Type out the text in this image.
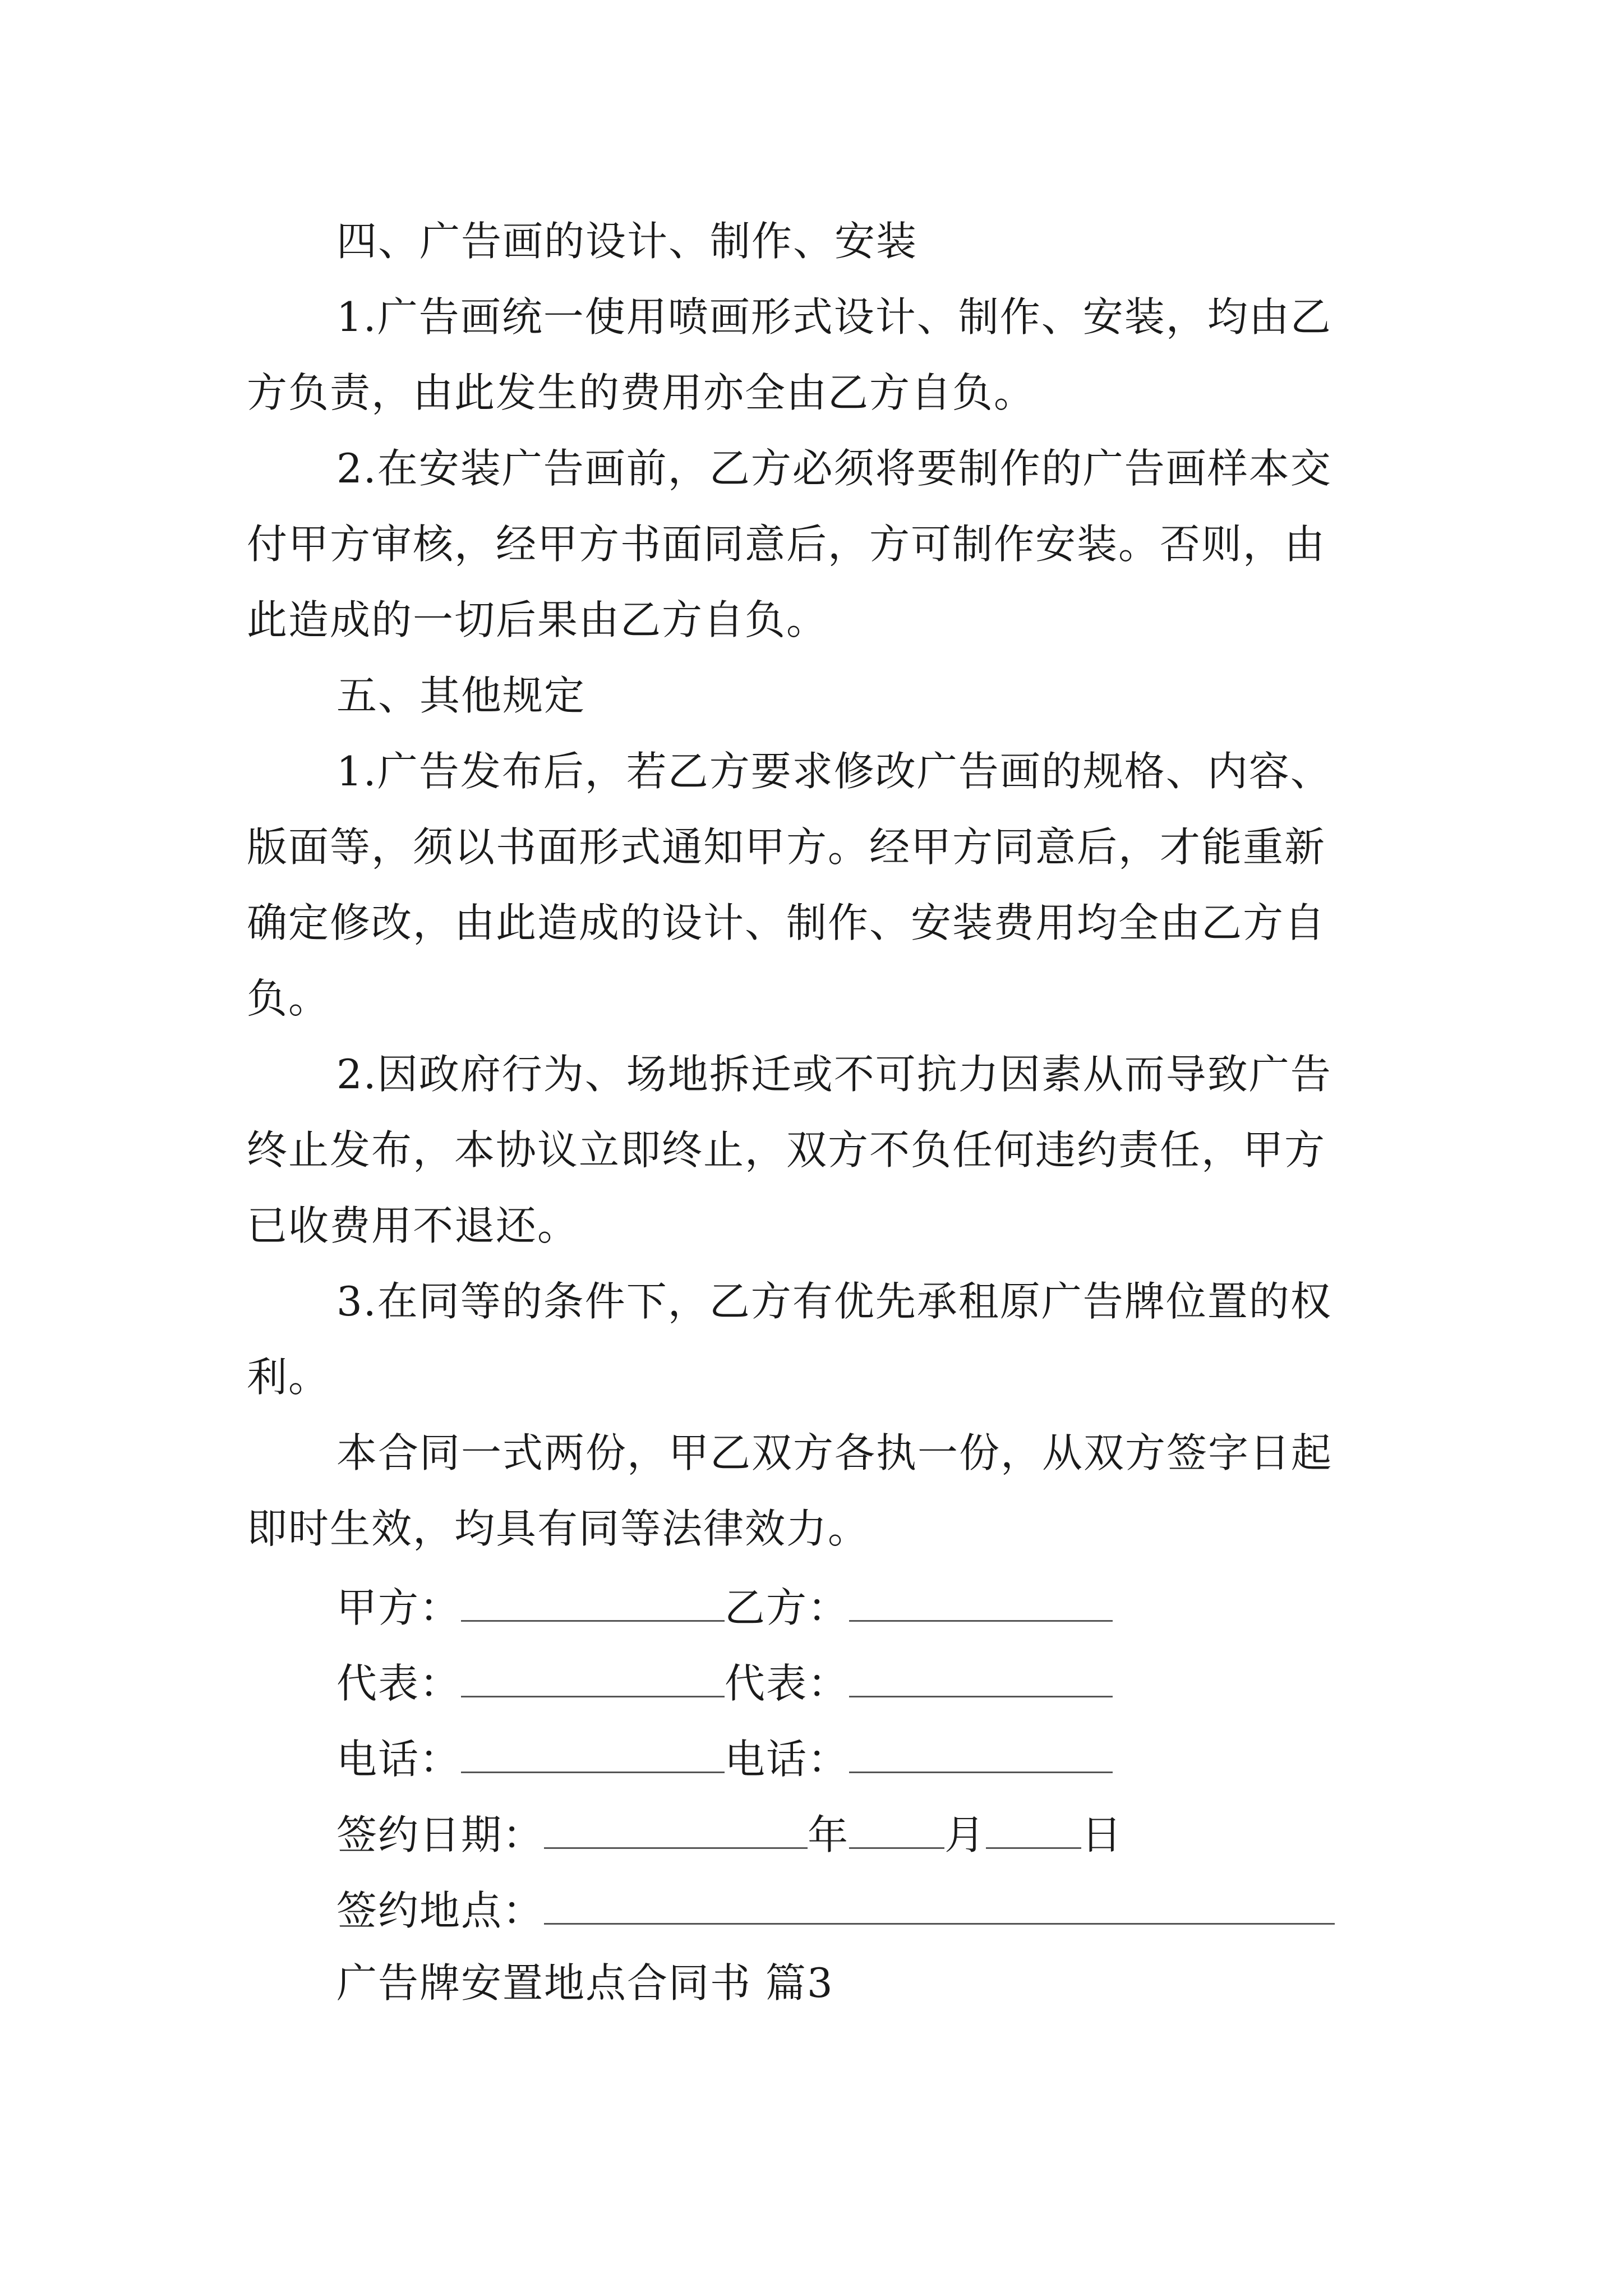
四、广告画的设计、制作、安装
1.广告画统一使用喷画形式设计、制作、安装，均由乙
方负责，由此发生的费用亦全由乙方自负。
2.在安装广告画前，乙方必须将要制作的广告画样本交
付甲方审核，经甲方书面同意后，方可制作安装。否则，由
此造成的一切后果由乙方自负。
五、其他规定
1.广告发布后，若乙方要求修改广告画的规格、内容、
版面等，须以书面形式通知甲方。经甲方同意后，才能重新
确定修改，由此造成的设计、制作、安装费用均全由乙方自
负。
2.因政府行为、场地拆迁或不可抗力因素从而导致广告
终止发布，本协议立即终止，双方不负任何违约责任，甲方
已收费用不退还。
3.在同等的条件下，乙方有优先承租原广告牌位置的权
利。
本合同一式两份，甲乙双方各执一份，从双方签字日起
即时生效，均具有同等法律效力。
甲方：	乙方：
代表：	代表：
电话：	电话：
签约日期：	年 月 日
签约地点：
广告牌安置地点合同书 篇3
